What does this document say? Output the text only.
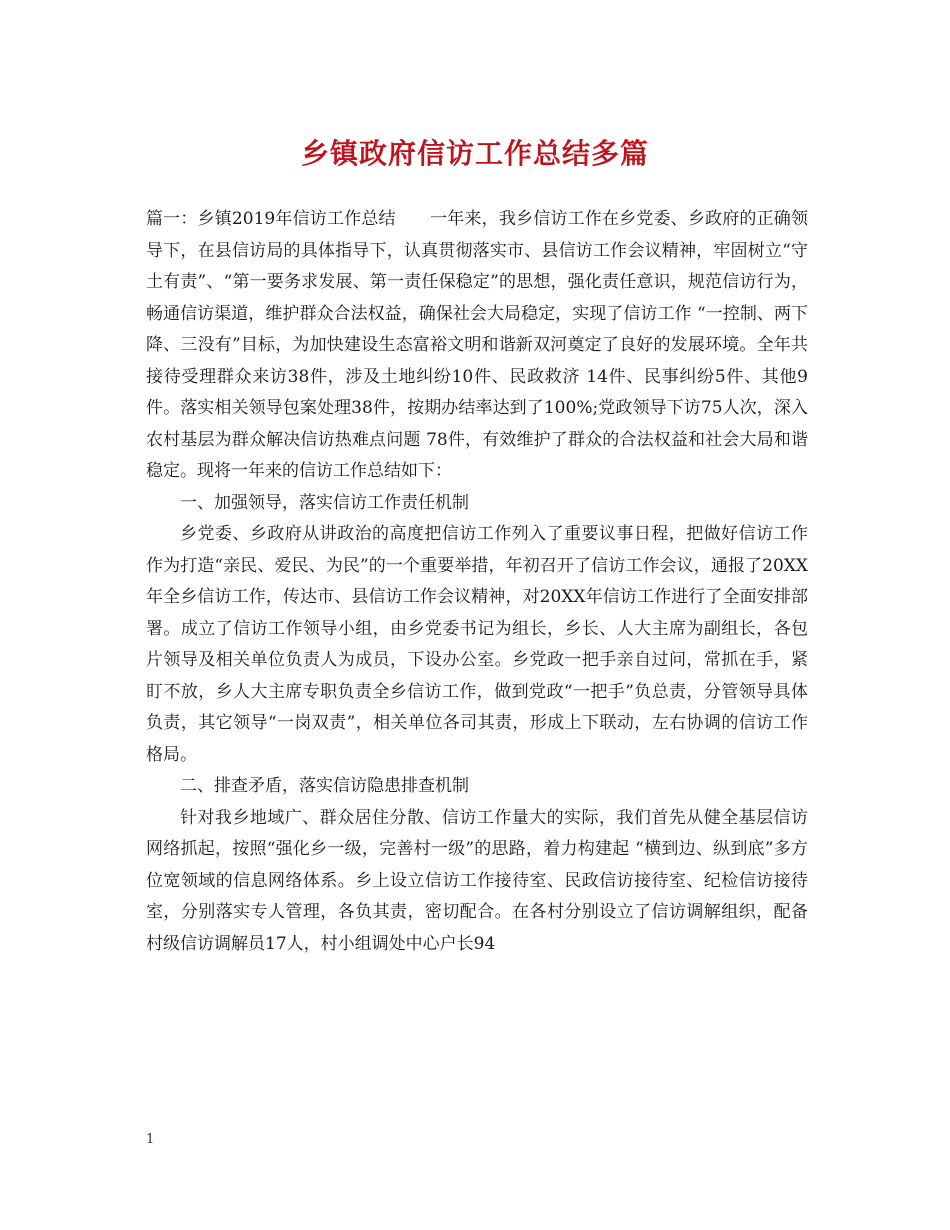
乡镇政府信访工作总结多篇

篇一：乡镇2019年信访工作总结　　一年来，我乡信访工作在乡党委、乡政府的正确领导下，在县信访局的具体指导下，认真贯彻落实市、县信访工作会议精神，牢固树立“守土有责”、“第一要务求发展、第一责任保稳定”的思想，强化责任意识，规范信访行为，畅通信访渠道，维护群众合法权益，确保社会大局稳定，实现了信访工作 “一控制、两下降、三没有”目标，为加快建设生态富裕文明和谐新双河奠定了良好的发展环境。全年共接待受理群众来访38件，涉及土地纠纷10件、民政救济 14件、民事纠纷5件、其他9件。落实相关领导包案处理38件，按期办结率达到了100%;党政领导下访75人次，深入农村基层为群众解决信访热难点问题 78件，有效维护了群众的合法权益和社会大局和谐稳定。现将一年来的信访工作总结如下：

一、加强领导，落实信访工作责任机制

乡党委、乡政府从讲政治的高度把信访工作列入了重要议事日程，把做好信访工作作为打造“亲民、爱民、为民”的一个重要举措，年初召开了信访工作会议，通报了20XX年全乡信访工作，传达市、县信访工作会议精神，对20XX年信访工作进行了全面安排部署。成立了信访工作领导小组，由乡党委书记为组长，乡长、人大主席为副组长，各包片领导及相关单位负责人为成员，下设办公室。乡党政一把手亲自过问，常抓在手，紧盯不放，乡人大主席专职负责全乡信访工作，做到党政“一把手”负总责，分管领导具体负责，其它领导“一岗双责”，相关单位各司其责，形成上下联动，左右协调的信访工作格局。

二、排查矛盾，落实信访隐患排查机制

针对我乡地域广、群众居住分散、信访工作量大的实际，我们首先从健全基层信访网络抓起，按照“强化乡一级，完善村一级”的思路，着力构建起 “横到边、纵到底”多方位宽领域的信息网络体系。乡上设立信访工作接待室、民政信访接待室、纪检信访接待室，分别落实专人管理，各负其责，密切配合。在各村分别设立了信访调解组织，配备村级信访调解员17人，村小组调处中心户长94

1
